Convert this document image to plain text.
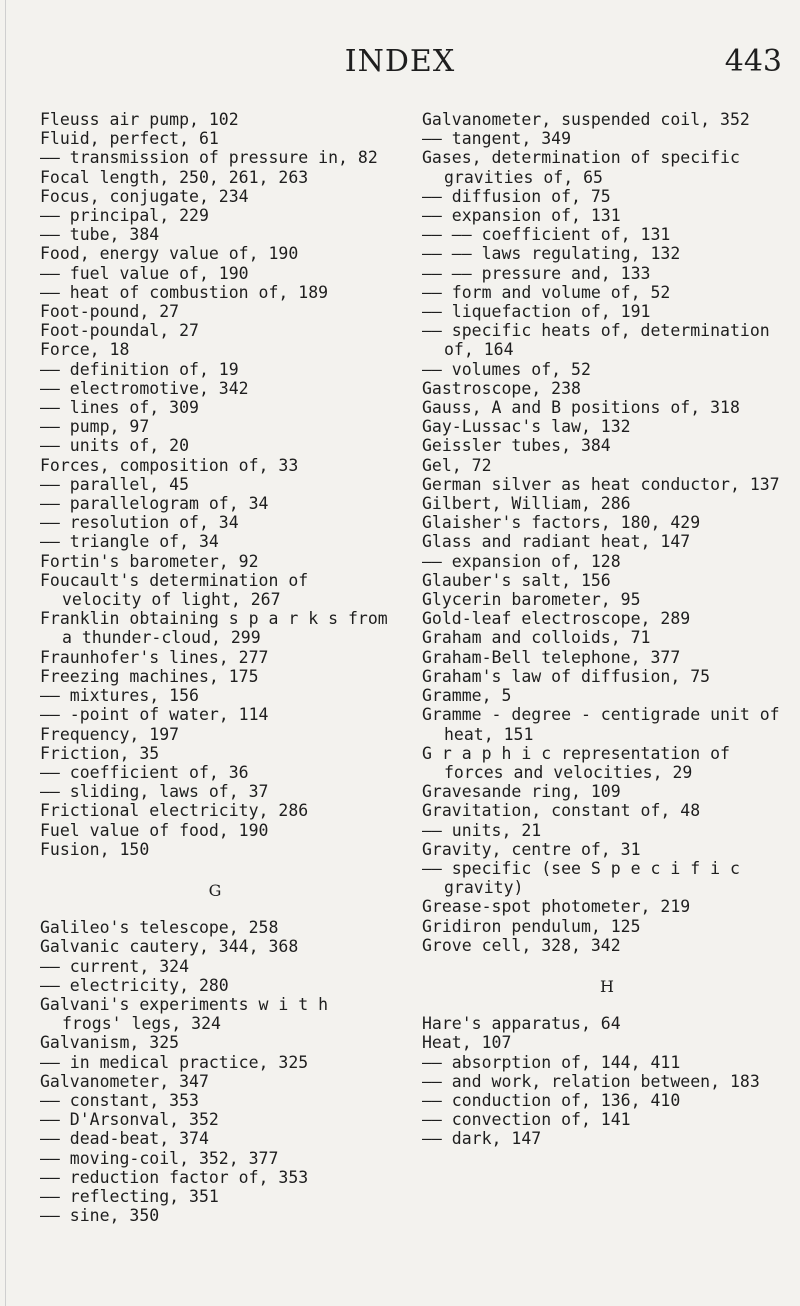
INDEX	443

Fleuss air pump, 102

Fluid, perfect, 61

—— transmission of pressure in, 82

Focal length, 250, 261, 263

Focus, conjugate, 234

—— principal, 229

—— tube, 384

Food, energy value of, 190

—— fuel value of, 190

—— heat of combustion of, 189

Foot-pound, 27

Foot-poundal, 27

Force, 18

—— definition of, 19

—— electromotive, 342

—— lines of, 309

—— pump, 97

—— units of, 20

Forces, composition of, 33

—— parallel, 45

—— parallelogram of, 34

—— resolution of, 34

—— triangle of, 34

Fortin's barometer, 92

Foucault's determination of velocity of light, 267

Franklin obtaining s p a r k s from a thunder-cloud, 299

Fraunhofer's lines, 277

Freezing machines, 175

—— mixtures, 156

—— -point of water, 114

Frequency, 197

Friction, 35

—— coefficient of, 36

—— sliding, laws of, 37

Frictional electricity, 286

Fuel value of food, 190

Fusion, 150

G

Galileo's telescope, 258

Galvanic cautery, 344, 368

—— current, 324

—— electricity, 280

Galvani's experiments w i t h frogs' legs, 324

Galvanism, 325

—— in medical practice, 325

Galvanometer, 347

—— constant, 353

—— D'Arsonval, 352

—— dead-beat, 374

—— moving-coil, 352, 377

—— reduction factor of, 353

—— reflecting, 351

—— sine, 350

Galvanometer, suspended coil, 352

—— tangent, 349

Gases, determination of specific gravities of, 65

—— diffusion of, 75

—— expansion of, 131

—— —— coefficient of, 131

—— —— laws regulating, 132

—— —— pressure and, 133

—— form and volume of, 52

—— liquefaction of, 191

—— specific heats of, determination of, 164

—— volumes of, 52

Gastroscope, 238

Gauss, A and B positions of, 318

Gay-Lussac's law, 132

Geissler tubes, 384

Gel, 72

German silver as heat conductor, 137

Gilbert, William, 286

Glaisher's factors, 180, 429

Glass and radiant heat, 147

—— expansion of, 128

Glauber's salt, 156

Glycerin barometer, 95

Gold-leaf electroscope, 289

Graham and colloids, 71

Graham-Bell telephone, 377

Graham's law of diffusion, 75

Gramme, 5

Gramme - degree - centigrade unit of heat, 151

G r a p h i c representation of forces and velocities, 29

Gravesande ring, 109

Gravitation, constant of, 48

—— units, 21

Gravity, centre of, 31

—— specific (see S p e c i f i c gravity)

Grease-spot photometer, 219

Gridiron pendulum, 125

Grove cell, 328, 342

H

Hare's apparatus, 64

Heat, 107

—— absorption of, 144, 411

—— and work, relation between, 183

—— conduction of, 136, 410

—— convection of, 141

—— dark, 147
